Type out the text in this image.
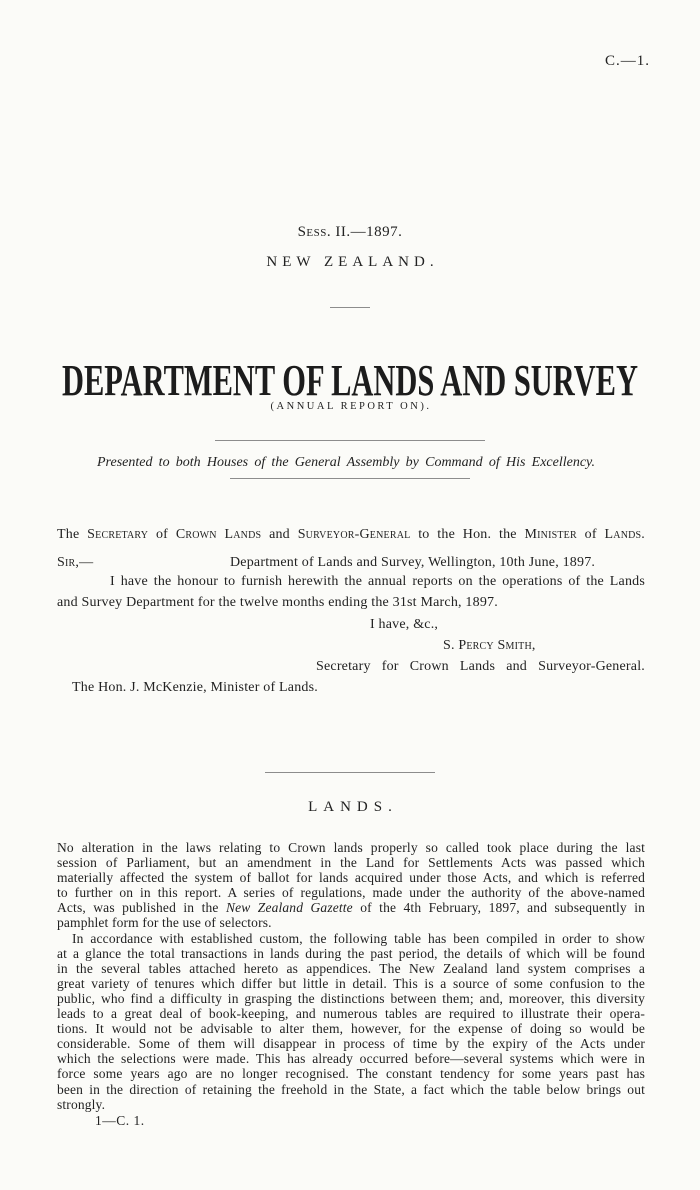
C.—1.
Sess. II.—1897.
NEW ZEALAND.
DEPARTMENT OF LANDS AND SURVEY
(ANNUAL REPORT ON).
Presented to both Houses of the General Assembly by Command of His Excellency.
The Secretary of Crown Lands and Surveyor-General to the Hon. the Minister of Lands.
Sir,—	Department of Lands and Survey, Wellington, 10th June, 1897.
I have the honour to furnish herewith the annual reports on the operations of the Lands
and Survey Department for the twelve months ending the 31st March, 1897.
I have, &c.,
S. Percy Smith,
Secretary for Crown Lands and Surveyor-General.
The Hon. J. McKenzie, Minister of Lands.
LANDS.
No alteration in the laws relating to Crown lands properly so called took place during the last
session of Parliament, but an amendment in the Land for Settlements Acts was passed which
materially affected the system of ballot for lands acquired under those Acts, and which is referred
to further on in this report. A series of regulations, made under the authority of the above-named
Acts, was published in the New Zealand Gazette of the 4th February, 1897, and subsequently in
pamphlet form for the use of selectors.
In accordance with established custom, the following table has been compiled in order to show
at a glance the total transactions in lands during the past period, the details of which will be found
in the several tables attached hereto as appendices. The New Zealand land system comprises a
great variety of tenures which differ but little in detail. This is a source of some confusion to the
public, who find a difficulty in grasping the distinctions between them; and, moreover, this diversity
leads to a great deal of book-keeping, and numerous tables are required to illustrate their opera-
tions. It would not be advisable to alter them, however, for the expense of doing so would be
considerable. Some of them will disappear in process of time by the expiry of the Acts under
which the selections were made. This has already occurred before—several systems which were in
force some years ago are no longer recognised. The constant tendency for some years past has
been in the direction of retaining the freehold in the State, a fact which the table below brings out
strongly.
1—C. 1.
